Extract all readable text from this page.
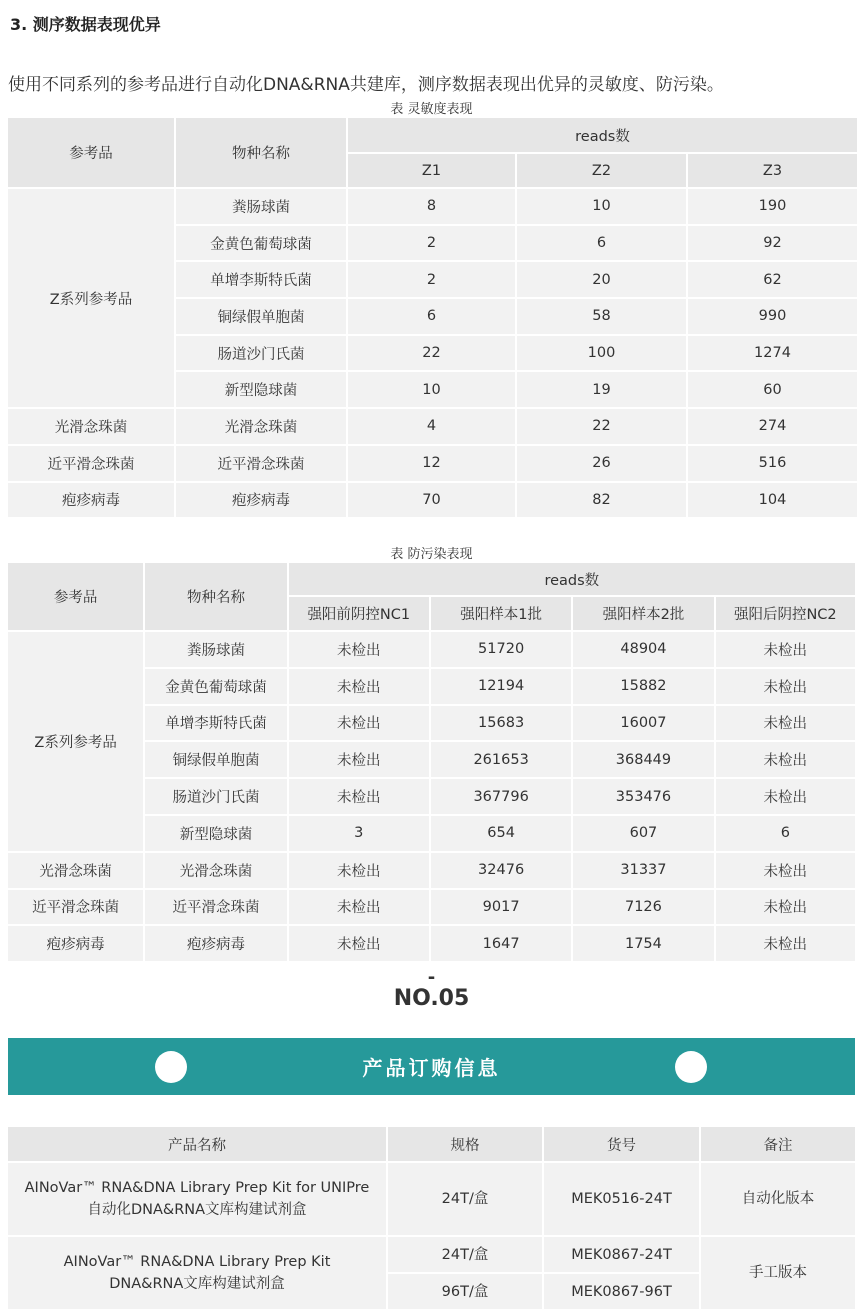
3. 测序数据表现优异
使用不同系列的参考品进行自动化DNA&RNA共建库，测序数据表现出优异的灵敏度、防污染。
表 灵敏度表现
参考品	物种名称	reads数		
		Z1	Z2	Z3
Z系列参考品	粪肠球菌	8	10	190
	金黄色葡萄球菌	2	6	92
	单增李斯特氏菌	2	20	62
	铜绿假单胞菌	6	58	990
	肠道沙门氏菌	22	100	1274
	新型隐球菌	10	19	60
光滑念珠菌	光滑念珠菌	4	22	274
近平滑念珠菌	近平滑念珠菌	12	26	516
疱疹病毒	疱疹病毒	70	82	104
表 防污染表现
参考品	物种名称	reads数			
		强阳前阴控NC1	强阳样本1批	强阳样本2批	强阳后阴控NC2
Z系列参考品	粪肠球菌	未检出	51720	48904	未检出
	金黄色葡萄球菌	未检出	12194	15882	未检出
	单增李斯特氏菌	未检出	15683	16007	未检出
	铜绿假单胞菌	未检出	261653	368449	未检出
	肠道沙门氏菌	未检出	367796	353476	未检出
	新型隐球菌	3	654	607	6
光滑念珠菌	光滑念珠菌	未检出	32476	31337	未检出
近平滑念珠菌	近平滑念珠菌	未检出	9017	7126	未检出
疱疹病毒	疱疹病毒	未检出	1647	1754	未检出
-
NO.05
产品订购信息
产品名称	规格	货号	备注

AINoVar™ RNA&DNA Library Prep Kit for UNIPre
自动化DNA&RNA文库构建试剂盒	24T/盒	MEK0516-24T	自动化版本

AINoVar™ RNA&DNA Library Prep Kit
DNA&RNA文库构建试剂盒	24T/盒	MEK0867-24T	手工版本
	96T/盒	MEK0867-96T	
